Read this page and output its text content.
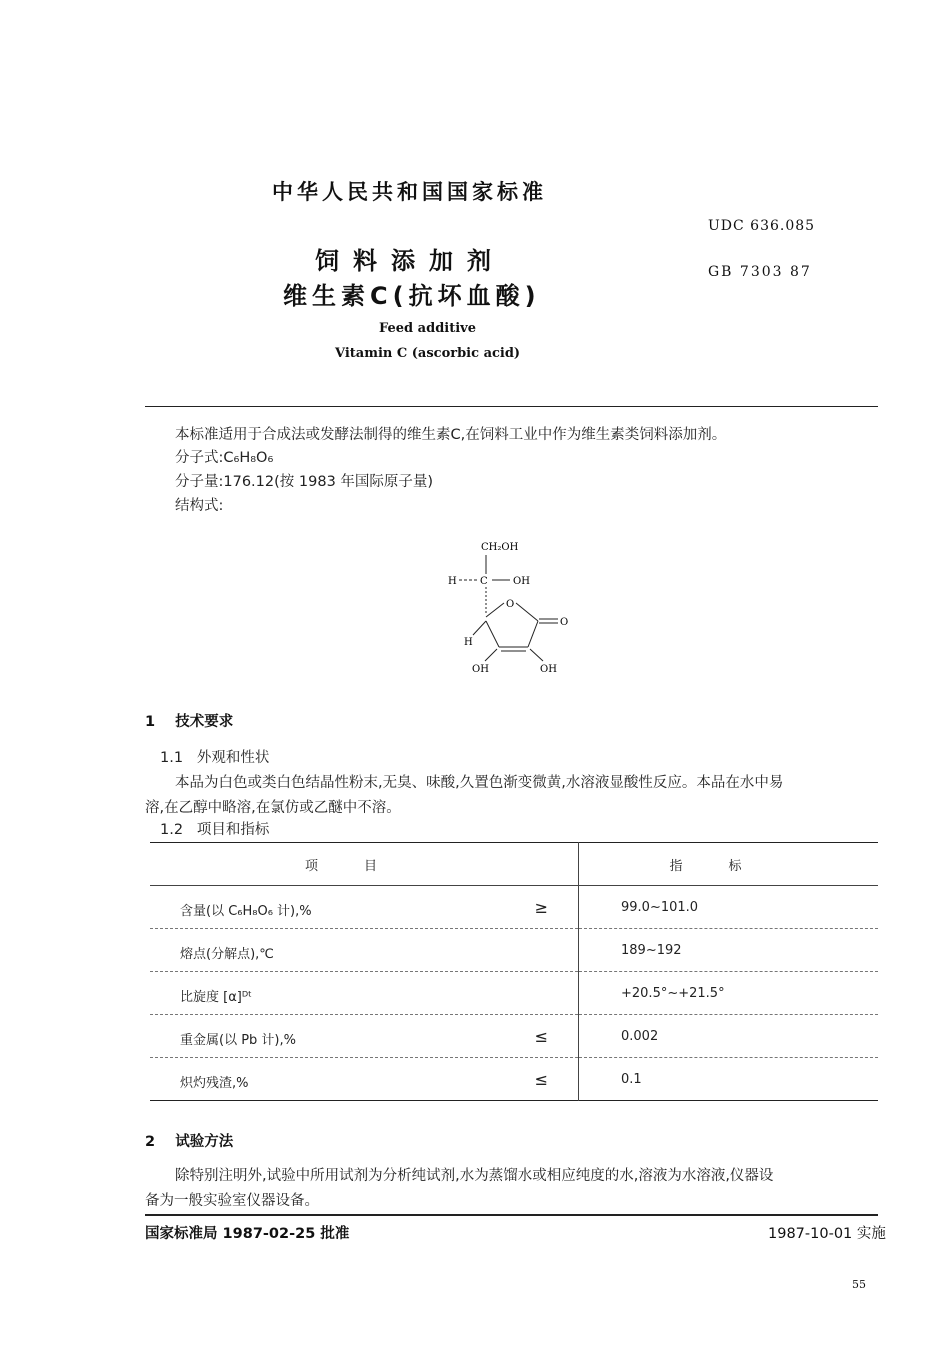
中华人民共和国国家标准
UDC 636.085
GB 7303 87
饲料添加剂
维生素C(抗坏血酸)
Feed additive
Vitamin C (ascorbic acid)
本标准适用于合成法或发酵法制得的维生素C,在饲料工业中作为维生素类饲料添加剂。
分子式:C₆H₈O₆
分子量:176.12(按 1983 年国际原子量)
结构式:
CH₂OH
H C	OH
O
O
H
OH	OH
1 技术要求
1.1 外观和性状
本品为白色或类白色结晶性粉末,无臭、味酸,久置色渐变微黄,水溶液显酸性反应。本品在水中易
溶,在乙醇中略溶,在氯仿或乙醚中不溶。
1.2 项目和指标
项目	指标

含量(以 C₆H₈O₆ 计),% ≥	99.0~101.0

熔点(分解点),℃	189~192

比旋度 [α]ᴰᵗ	+20.5°~+21.5°

重金属(以 Pb 计),% ≤	0.002

炽灼残渣,% ≤	0.1
2 试验方法
除特别注明外,试验中所用试剂为分析纯试剂,水为蒸馏水或相应纯度的水,溶液为水溶液,仪器设
备为一般实验室仪器设备。
国家标准局 1987-02-25 批准	1987-10-01 实施
55
